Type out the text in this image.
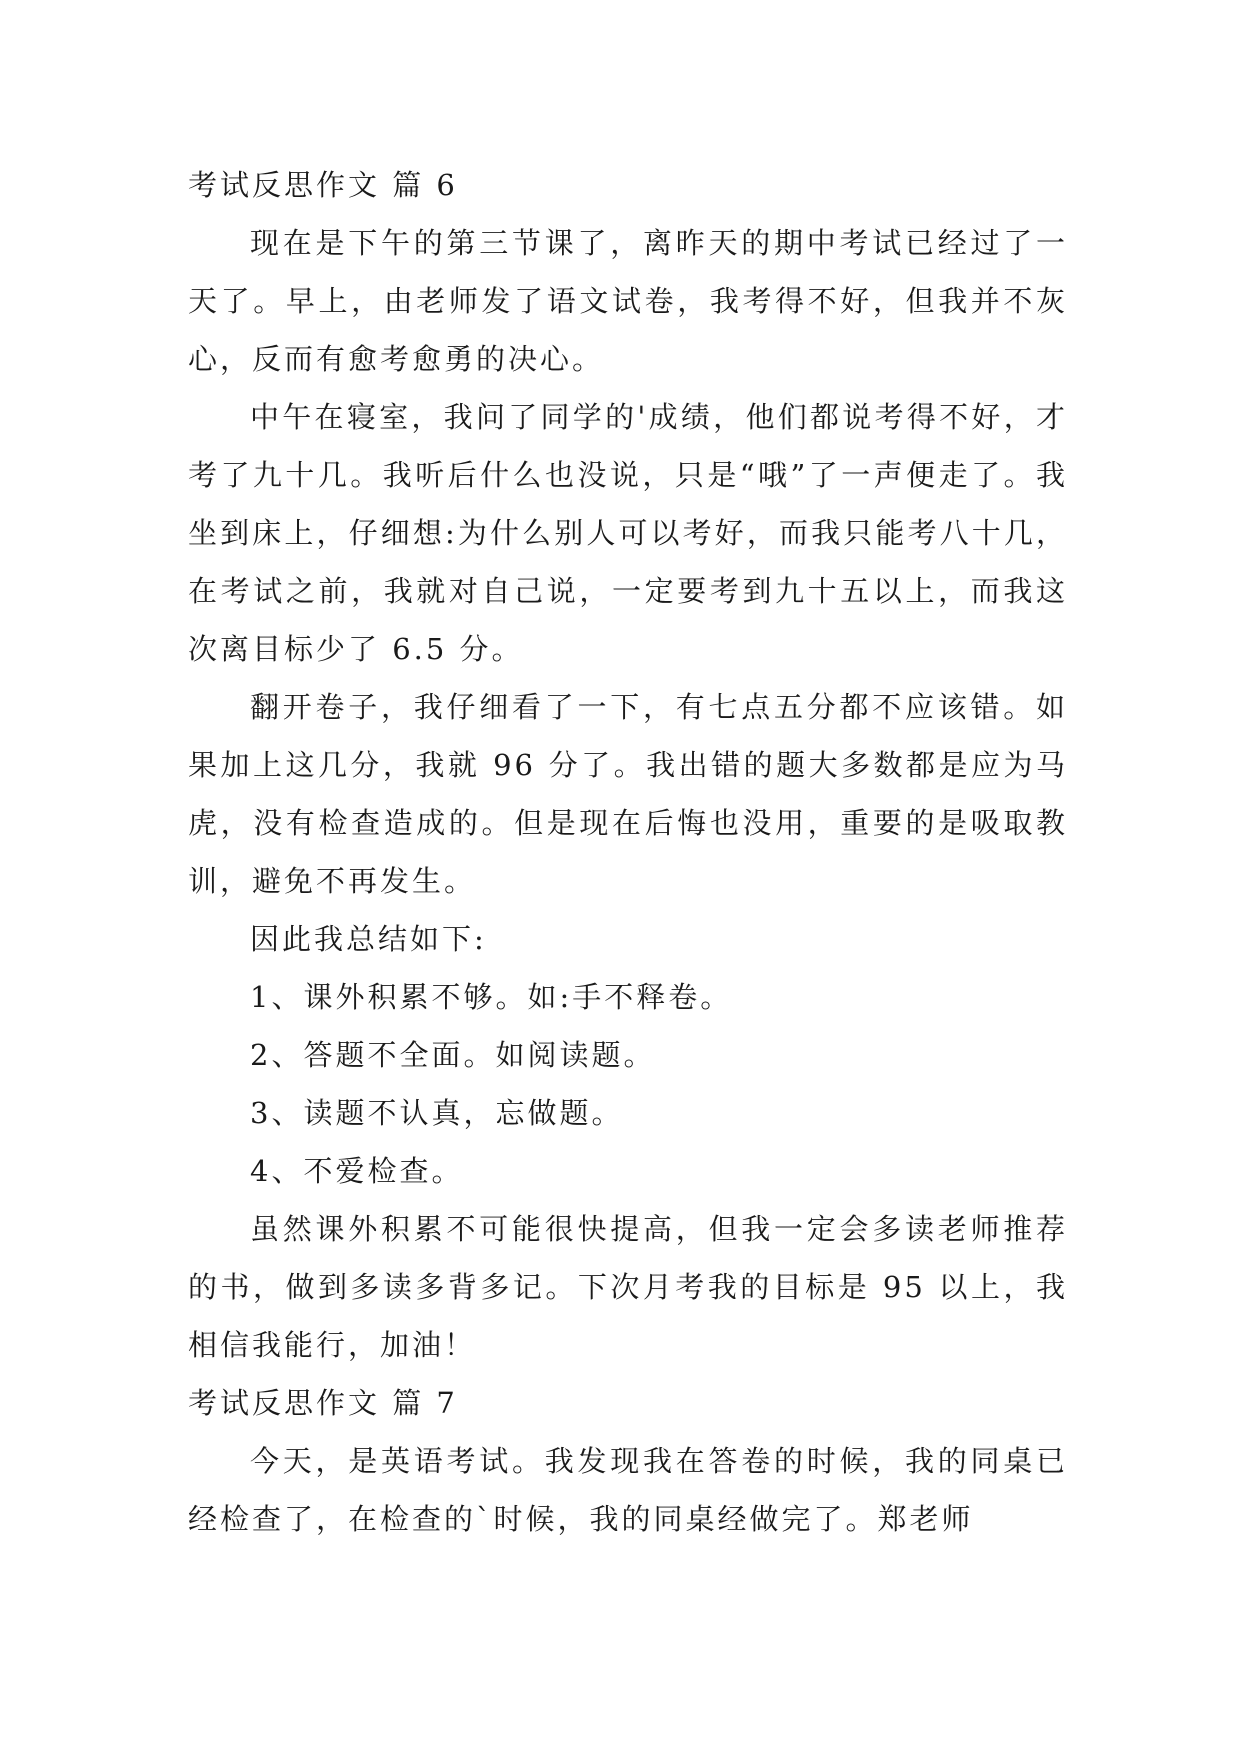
考试反思作文 篇 6

现在是下午的第三节课了，离昨天的期中考试已经过了一天了。早上，由老师发了语文试卷，我考得不好，但我并不灰心，反而有愈考愈勇的决心。

中午在寝室，我问了同学的'成绩，他们都说考得不好，才考了九十几。我听后什么也没说，只是“哦”了一声便走了。我坐到床上，仔细想:为什么别人可以考好，而我只能考八十几，在考试之前，我就对自己说，一定要考到九十五以上，而我这次离目标少了 6.5 分。

翻开卷子，我仔细看了一下，有七点五分都不应该错。如果加上这几分，我就 96 分了。我出错的题大多数都是应为马虎，没有检查造成的。但是现在后悔也没用，重要的是吸取教训，避免不再发生。

因此我总结如下:

1、课外积累不够。如:手不释卷。

2、答题不全面。如阅读题。

3、读题不认真，忘做题。

4、不爱检查。

虽然课外积累不可能很快提高，但我一定会多读老师推荐的书，做到多读多背多记。下次月考我的目标是 95 以上，我相信我能行，加油！

考试反思作文 篇 7

今天，是英语考试。我发现我在答卷的时候，我的同桌已经检查了，在检查的`时候，我的同桌经做完了。郑老师
